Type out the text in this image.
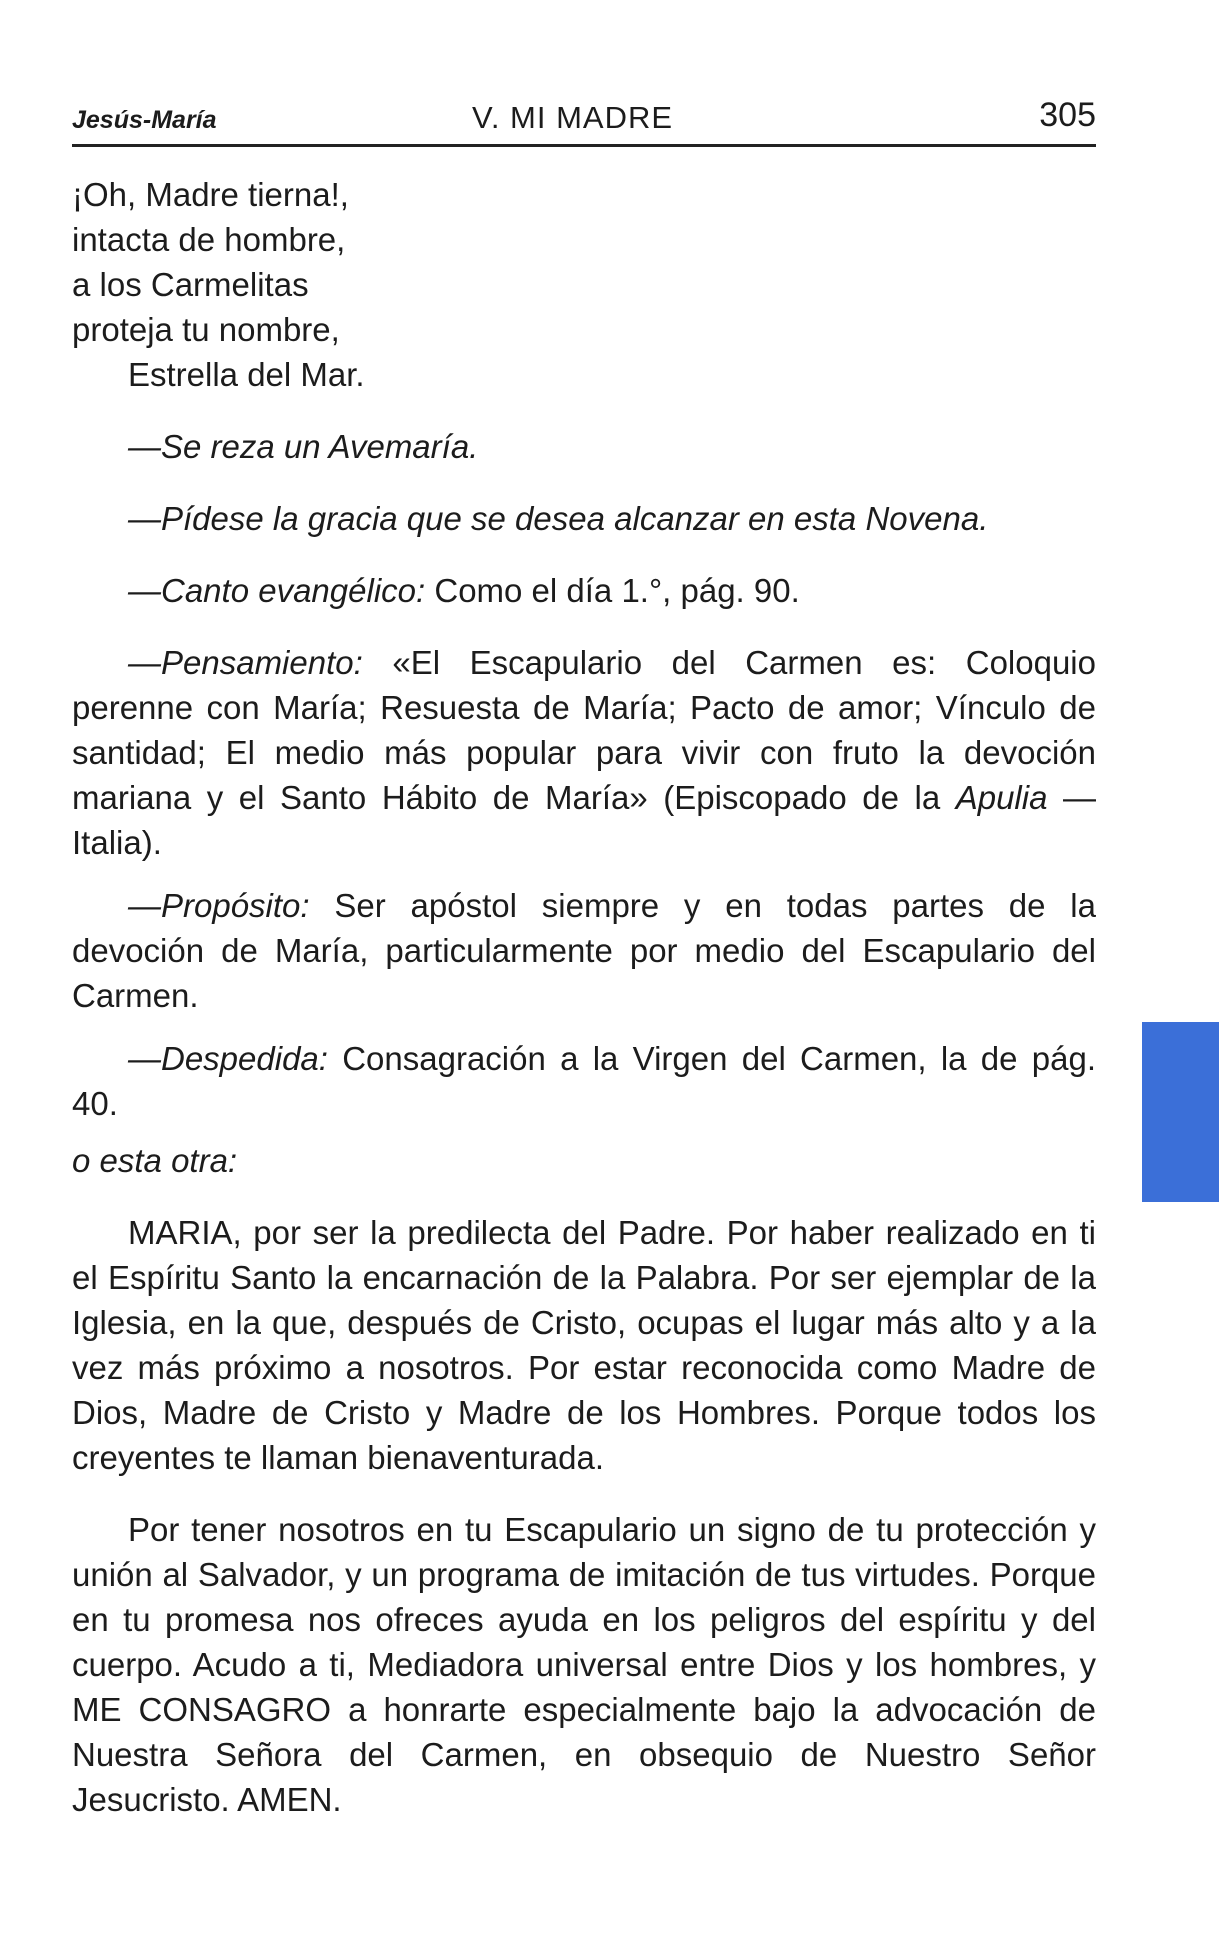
Jesús-María	V. MI MADRE	305
¡Oh, Madre tierna!,
intacta de hombre,
a los Carmelitas
proteja tu nombre,
Estrella del Mar.

—Se reza un Avemaría.

—Pídese la gracia que se desea alcanzar en esta Novena.

—Canto evangélico: Como el día 1.°, pág. 90.

—Pensamiento: «El Escapulario del Carmen es: Coloquio perenne con María; Resuesta de María; Pacto de amor; Vínculo de santidad; El medio más popular para vivir con fruto la devoción mariana y el Santo Hábito de María» (Episcopado de la Apulia — Italia).

—Propósito: Ser apóstol siempre y en todas partes de la devoción de María, particularmente por medio del Escapulario del Carmen.

—Despedida: Consagración a la Virgen del Carmen, la de pág. 40.

o esta otra:

MARIA, por ser la predilecta del Padre. Por haber realizado en ti el Espíritu Santo la encarnación de la Palabra. Por ser ejemplar de la Iglesia, en la que, después de Cristo, ocupas el lugar más alto y a la vez más próximo a nosotros. Por estar reconocida como Madre de Dios, Madre de Cristo y Madre de los Hombres. Porque todos los creyentes te llaman bienaventurada.

Por tener nosotros en tu Escapulario un signo de tu protección y unión al Salvador, y un programa de imitación de tus virtudes. Porque en tu promesa nos ofreces ayuda en los peligros del espíritu y del cuerpo. Acudo a ti, Mediadora universal entre Dios y los hombres, y ME CONSAGRO a honrarte especialmente bajo la advocación de Nuestra Señora del Carmen, en obsequio de Nuestro Señor Jesucristo. AMEN.
